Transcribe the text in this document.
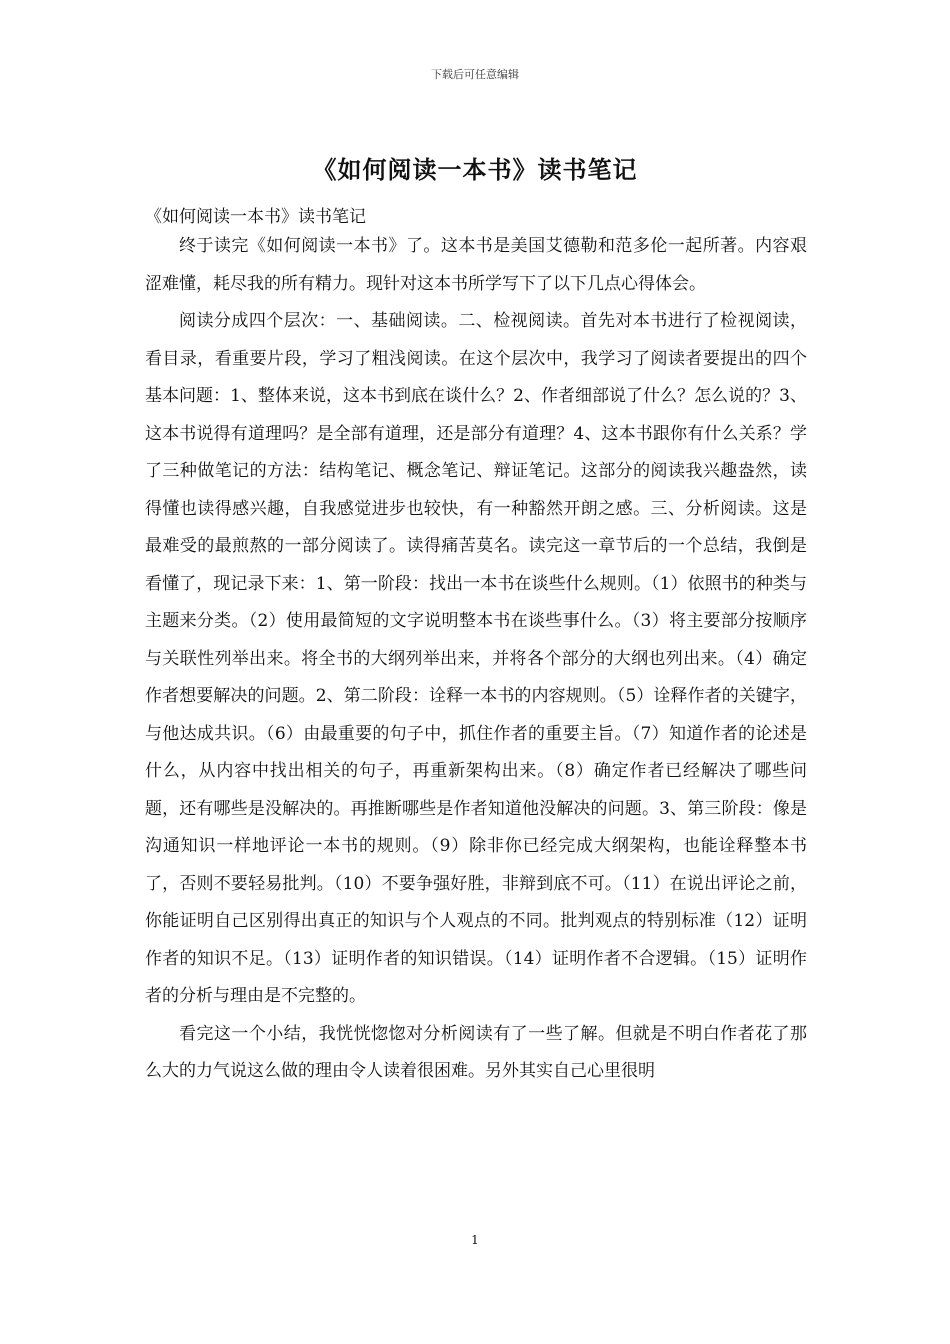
下载后可任意编辑
《如何阅读一本书》读书笔记
《如何阅读一本书》读书笔记

终于读完《如何阅读一本书》了。这本书是美国艾德勒和范多伦一起所著。内容艰涩难懂，耗尽我的所有精力。现针对这本书所学写下了以下几点心得体会。

阅读分成四个层次：一、基础阅读。二、检视阅读。首先对本书进行了检视阅读，看目录，看重要片段，学习了粗浅阅读。在这个层次中，我学习了阅读者要提出的四个基本问题：1、整体来说，这本书到底在谈什么？2、作者细部说了什么？怎么说的？3、这本书说得有道理吗？是全部有道理，还是部分有道理？4、这本书跟你有什么关系？学了三种做笔记的方法：结构笔记、概念笔记、辩证笔记。这部分的阅读我兴趣盎然，读得懂也读得感兴趣，自我感觉进步也较快，有一种豁然开朗之感。三、分析阅读。这是最难受的最煎熬的一部分阅读了。读得痛苦莫名。读完这一章节后的一个总结，我倒是看懂了，现记录下来：1、第一阶段：找出一本书在谈些什么规则。（1）依照书的种类与主题来分类。（2）使用最简短的文字说明整本书在谈些事什么。（3）将主要部分按顺序与关联性列举出来。将全书的大纲列举出来，并将各个部分的大纲也列出来。（4）确定作者想要解决的问题。2、第二阶段：诠释一本书的内容规则。（5）诠释作者的关键字，与他达成共识。（6）由最重要的句子中，抓住作者的重要主旨。（7）知道作者的论述是什么，从内容中找出相关的句子，再重新架构出来。（8）确定作者已经解决了哪些问题，还有哪些是没解决的。再推断哪些是作者知道他没解决的问题。3、第三阶段：像是沟通知识一样地评论一本书的规则。（9）除非你已经完成大纲架构，也能诠释整本书了，否则不要轻易批判。（10）不要争强好胜，非辩到底不可。（11）在说出评论之前，你能证明自己区别得出真正的知识与个人观点的不同。批判观点的特别标准（12）证明作者的知识不足。（13）证明作者的知识错误。（14）证明作者不合逻辑。（15）证明作者的分析与理由是不完整的。

看完这一个小结，我恍恍惚惚对分析阅读有了一些了解。但就是不明白作者花了那么大的力气说这么做的理由令人读着很困难。另外其实自己心里很明

1
